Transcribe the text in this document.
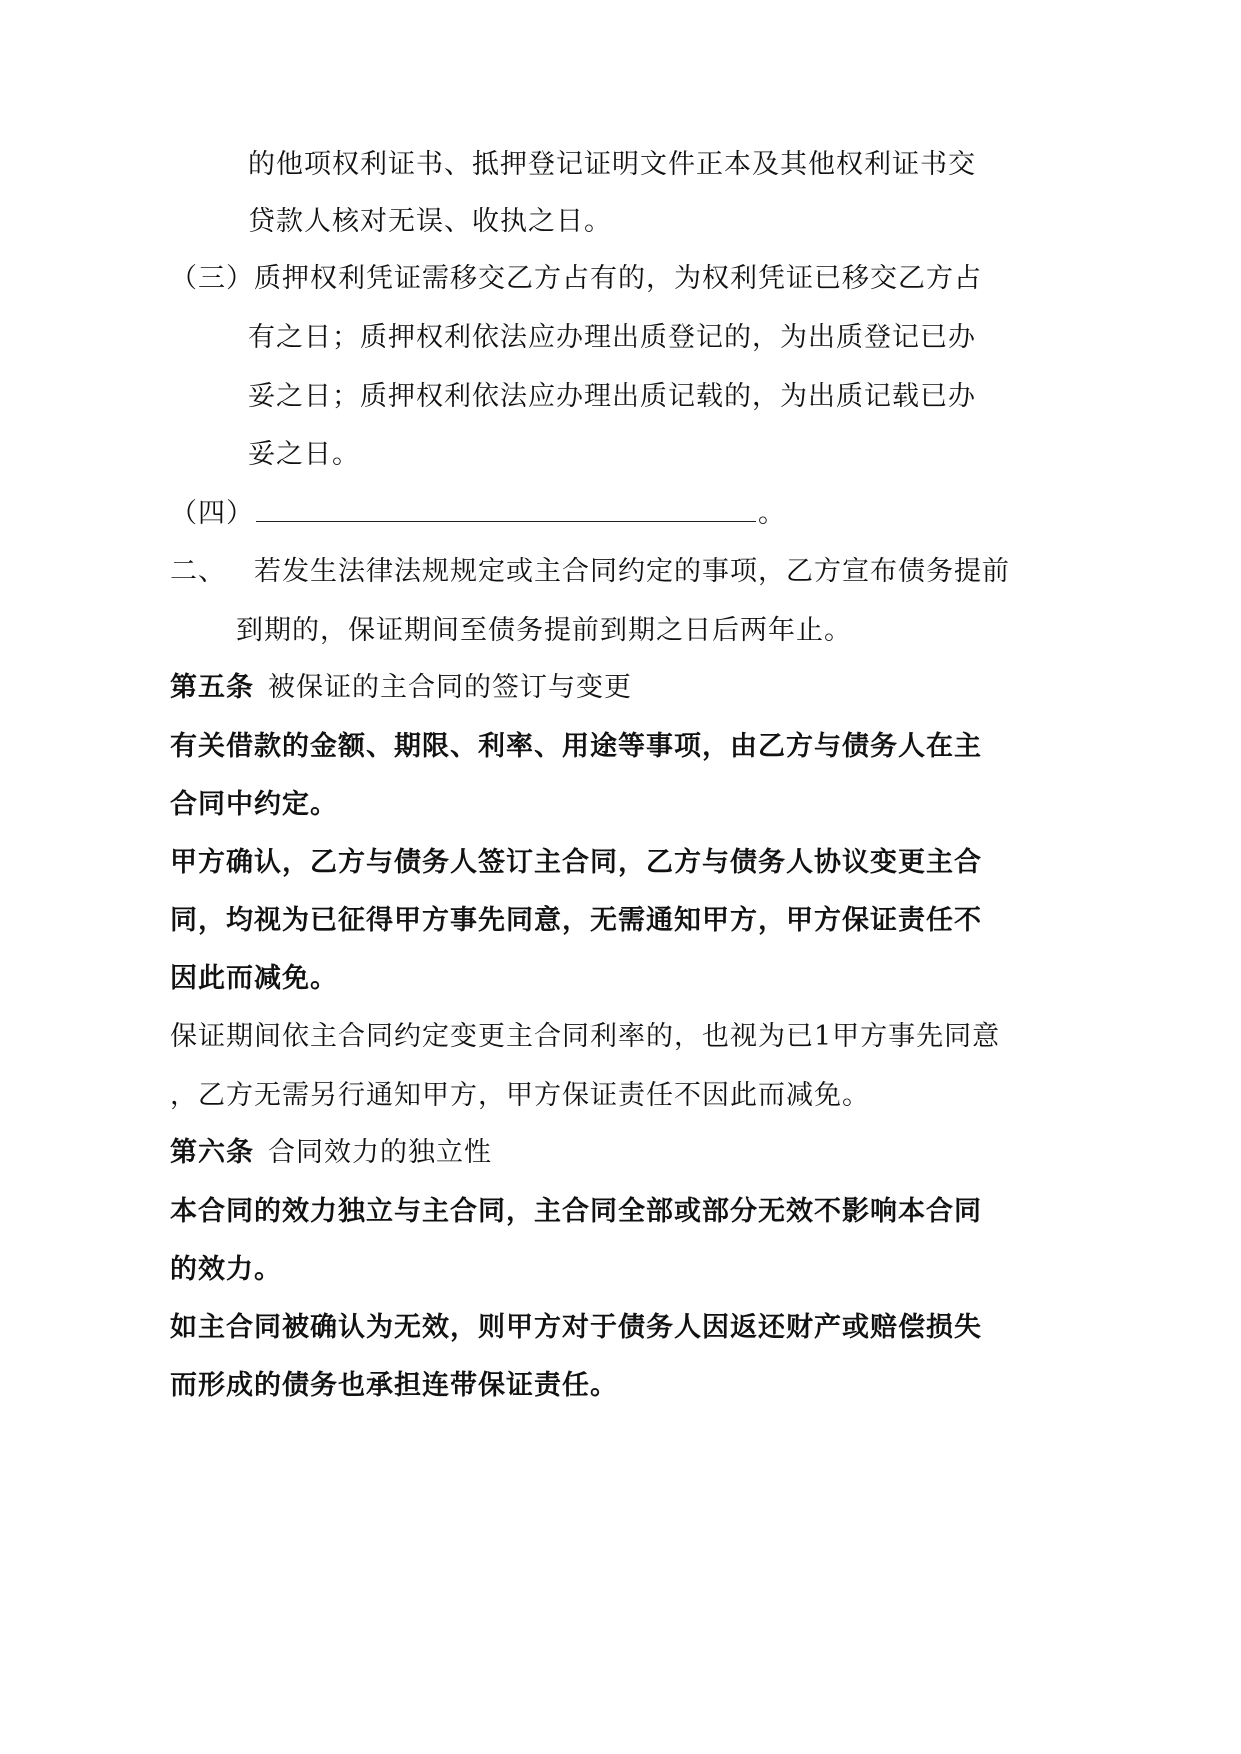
的他项权利证书、抵押登记证明文件正本及其他权利证书交
贷款人核对无误、收执之日。
（三）质押权利凭证需移交乙方占有的，为权利凭证已移交乙方占
有之日；质押权利依法应办理出质登记的，为出质登记已办
妥之日；质押权利依法应办理出质记载的，为出质记载已办
妥之日。
（四）	。
二、 若发生法律法规规定或主合同约定的事项，乙方宣布债务提前
到期的，保证期间至债务提前到期之日后两年止。
第五条 被保证的主合同的签订与变更
有关借款的金额、期限、利率、用途等事项，由乙方与债务人在主
合同中约定。
甲方确认，乙方与债务人签订主合同，乙方与债务人协议变更主合
同，均视为已征得甲方事先同意，无需通知甲方，甲方保证责任不
因此而减免。
保证期间依主合同约定变更主合同利率的，也视为已1甲方事先同意
，乙方无需另行通知甲方，甲方保证责任不因此而减免。
第六条 合同效力的独立性
本合同的效力独立与主合同，主合同全部或部分无效不影响本合同
的效力。
如主合同被确认为无效，则甲方对于债务人因返还财产或赔偿损失
而形成的债务也承担连带保证责任。
